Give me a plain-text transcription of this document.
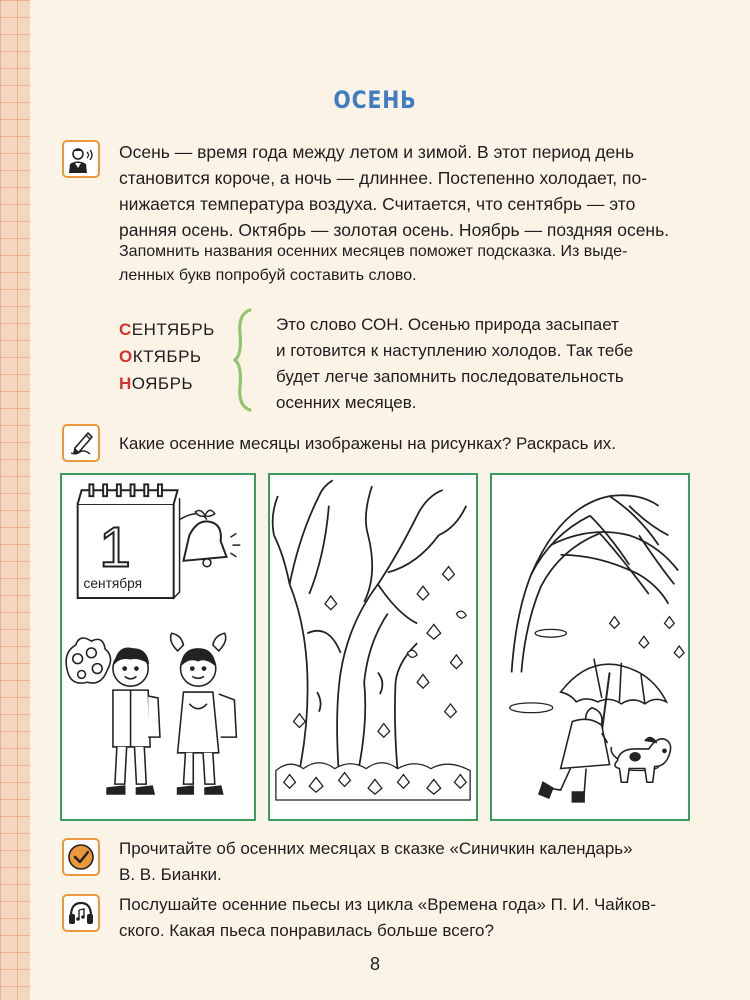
ОСЕНЬ
Осень — время года между летом и зимой. В этот период день
становится короче, а ночь — длиннее. Постепенно холодает, по-
нижается температура воздуха. Считается, что сентябрь — это
ранняя осень. Октябрь — золотая осень. Ноябрь — поздняя осень.
Запомнить названия осенних месяцев поможет подсказка. Из выде-
ленных букв попробуй составить слово.
СЕНТЯБРЬ
ОКТЯБРЬ
НОЯБРЬ
Это слово СОН. Осенью природа засыпает
и готовится к наступлению холодов. Так тебе
будет легче запомнить последовательность
осенних месяцев.
Какие осенние месяцы изображены на рисунках? Раскрась их.
1
сентября
Прочитайте об осенних месяцах в сказке «Синичкин календарь»
В. В. Бианки.
Послушайте осенние пьесы из цикла «Времена года» П. И. Чайков-
ского. Какая пьеса понравилась больше всего?
8
